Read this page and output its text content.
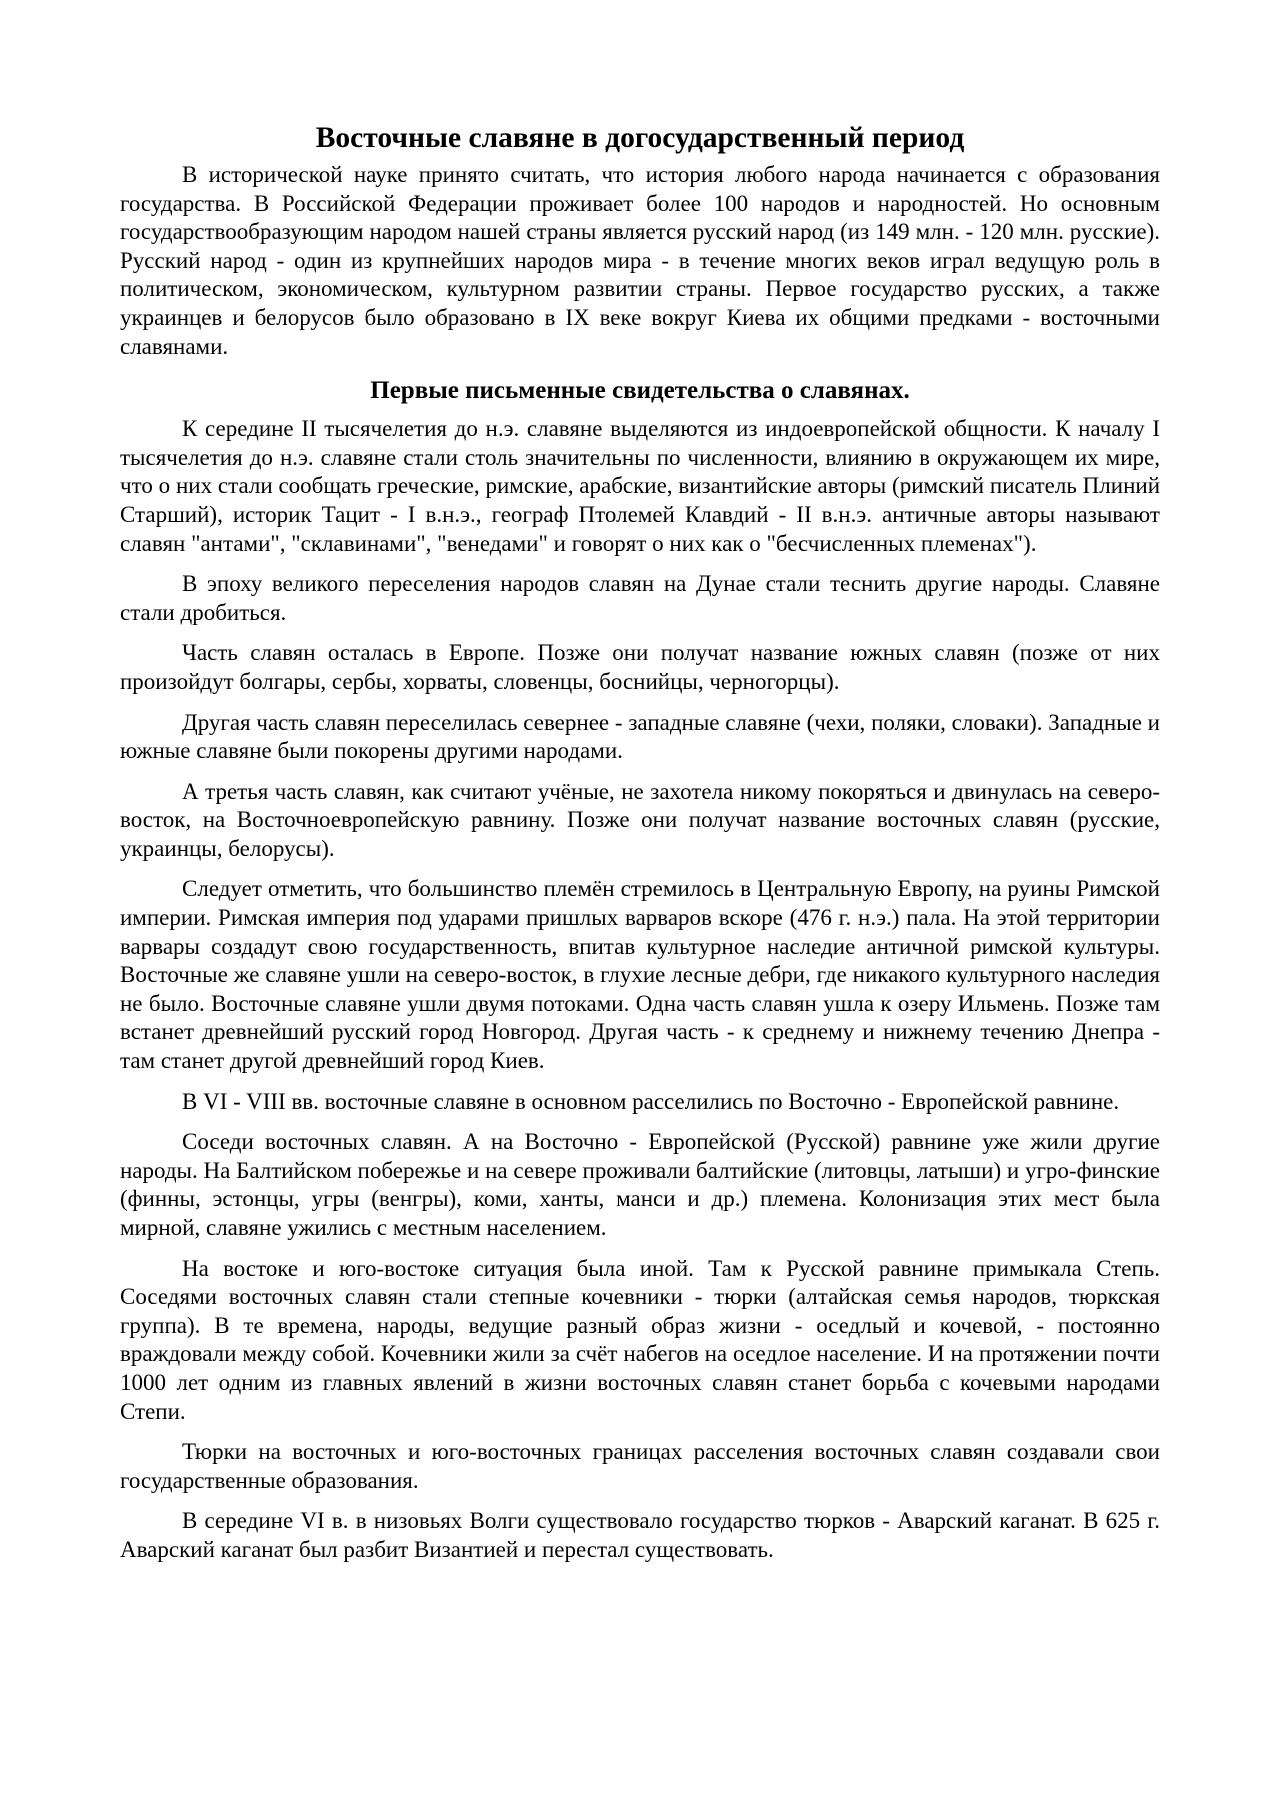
Восточные славяне в догосударственный период

В исторической науке принято считать, что история любого народа начинается с образования государства. В Российской Федерации проживает более 100 народов и народностей. Но основным государствообразующим народом нашей страны является русский народ (из 149 млн. - 120 млн. русские). Русский народ - один из крупнейших народов мира - в течение многих веков играл ведущую роль в политическом, экономическом, культурном развитии страны. Первое государство русских, а также украинцев и белорусов было образовано в IX веке вокруг Киева их общими предками - восточными славянами.

Первые письменные свидетельства о славянах.

К середине II тысячелетия до н.э. славяне выделяются из индоевропейской общности. К началу I тысячелетия до н.э. славяне стали столь значительны по численности, влиянию в окружающем их мире, что о них стали сообщать греческие, римские, арабские, византийские авторы (римский писатель Плиний Старший), историк Тацит - I в.н.э., географ Птолемей Клавдий - II в.н.э. античные авторы называют славян "антами", "склавинами", "венедами" и говорят о них как о "бесчисленных племенах").

В эпоху великого переселения народов славян на Дунае стали теснить другие народы. Славяне стали дробиться.

Часть славян осталась в Европе. Позже они получат название южных славян (позже от них произойдут болгары, сербы, хорваты, словенцы, боснийцы, черногорцы).

Другая часть славян переселилась севернее - западные славяне (чехи, поляки, словаки). Западные и южные славяне были покорены другими народами.

А третья часть славян, как считают учёные, не захотела никому покоряться и двинулась на северо-восток, на Восточноевропейскую равнину. Позже они получат название восточных славян (русские, украинцы, белорусы).

Следует отметить, что большинство племён стремилось в Центральную Европу, на руины Римской империи. Римская империя под ударами пришлых варваров вскоре (476 г. н.э.) пала. На этой территории варвары создадут свою государственность, впитав культурное наследие античной римской культуры. Восточные же славяне ушли на северо-восток, в глухие лесные дебри, где никакого культурного наследия не было. Восточные славяне ушли двумя потоками. Одна часть славян ушла к озеру Ильмень. Позже там встанет древнейший русский город Новгород. Другая часть - к среднему и нижнему течению Днепра - там станет другой древнейший город Киев.

В VI - VIII вв. восточные славяне в основном расселились по Восточно - Европейской равнине.

Соседи восточных славян. А на Восточно - Европейской (Русской) равнине уже жили другие народы. На Балтийском побережье и на севере проживали балтийские (литовцы, латыши) и угро-финские (финны, эстонцы, угры (венгры), коми, ханты, манси и др.) племена. Колонизация этих мест была мирной, славяне ужились с местным населением.

На востоке и юго-востоке ситуация была иной. Там к Русской равнине примыкала Степь. Соседями восточных славян стали степные кочевники - тюрки (алтайская семья народов, тюркская группа). В те времена, народы, ведущие разный образ жизни - оседлый и кочевой, - постоянно враждовали между собой. Кочевники жили за счёт набегов на оседлое население. И на протяжении почти 1000 лет одним из главных явлений в жизни восточных славян станет борьба с кочевыми народами Степи.

Тюрки на восточных и юго-восточных границах расселения восточных славян создавали свои государственные образования.

В середине VI в. в низовьях Волги существовало государство тюрков - Аварский каганат. В 625 г. Аварский каганат был разбит Византией и перестал существовать.
